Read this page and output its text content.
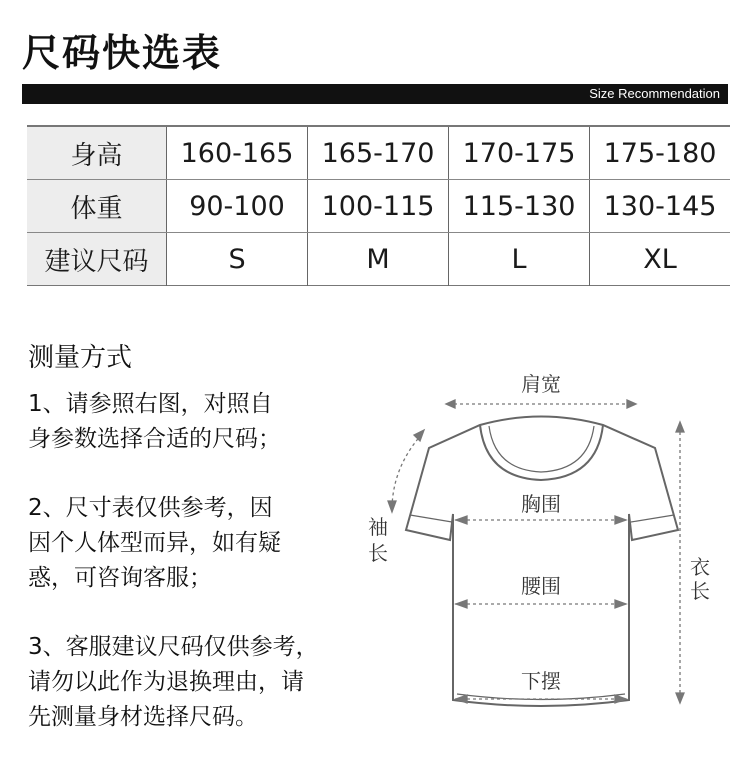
尺码快选表
Size Recommendation
身高	160-165	165-170	170-175	175-180
体重	90-100	100-115	115-130	130-145
建议尺码	S	M	L	XL
测量方式
1、请参照右图，对照自
身参数选择合适的尺码；
2、尺寸表仅供参考，因
因个人体型而异，如有疑
惑，可咨询客服；
3、客服建议尺码仅供参考，
请勿以此作为退换理由，请
先测量身材选择尺码。
肩宽
胸围
腰围
下摆
袖
长
衣
长
